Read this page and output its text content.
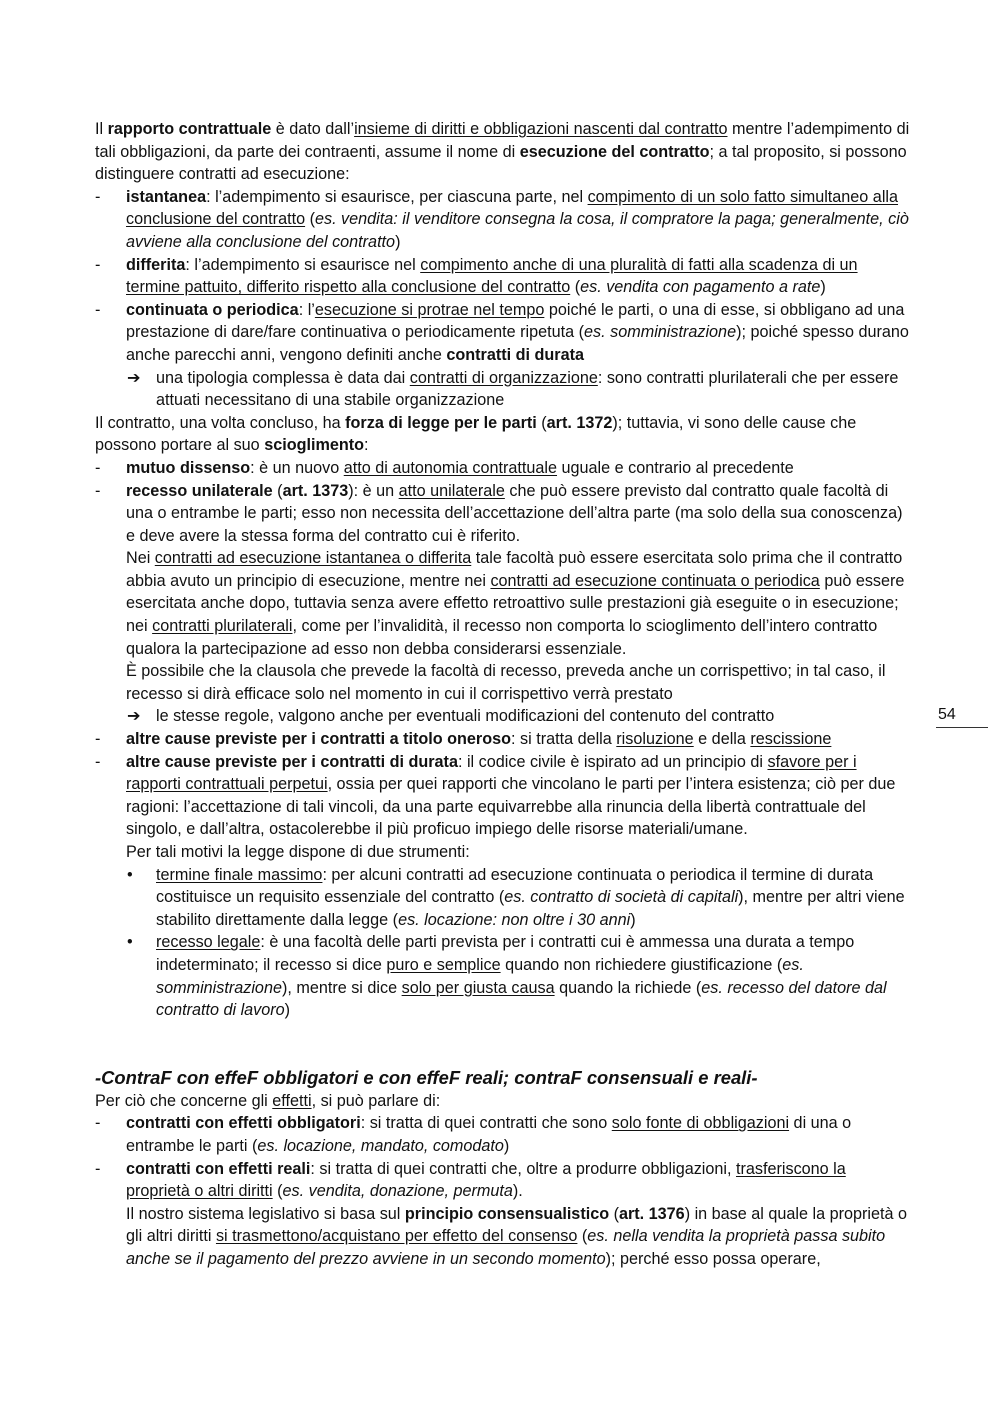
Il rapporto contrattuale è dato dall’insieme di diritti e obbligazioni nascenti dal contratto mentre l’adempimento di tali obbligazioni, da parte dei contraenti, assume il nome di esecuzione del contratto; a tal proposito, si possono distinguere contratti ad esecuzione:

-	istantanea: l’adempimento si esaurisce, per ciascuna parte, nel compimento di un solo fatto simultaneo alla conclusione del contratto (es. vendita: il venditore consegna la cosa, il compratore la paga; generalmente, ciò avviene alla conclusione del contratto)
-	differita: l’adempimento si esaurisce nel compimento anche di una pluralità di fatti alla scadenza di un termine pattuito, differito rispetto alla conclusione del contratto (es. vendita con pagamento a rate)
-	continuata o periodica: l’esecuzione si protrae nel tempo poiché le parti, o una di esse, si obbligano ad una prestazione di dare/fare continuativa o periodicamente ripetuta (es. somministrazione); poiché spesso durano anche parecchi anni, vengono definiti anche contratti di durata
➔ una tipologia complessa è data dai contratti di organizzazione: sono contratti plurilaterali che per essere attuati necessitano di una stabile organizzazione

Il contratto, una volta concluso, ha forza di legge per le parti (art. 1372); tuttavia, vi sono delle cause che possono portare al suo scioglimento:

-	mutuo dissenso: è un nuovo atto di autonomia contrattuale uguale e contrario al precedente
-	recesso unilaterale (art. 1373): è un atto unilaterale che può essere previsto dal contratto quale facoltà di una o entrambe le parti; esso non necessita dell’accettazione dell’altra parte (ma solo della sua conoscenza) e deve avere la stessa forma del contratto cui è riferito.

Nei contratti ad esecuzione istantanea o differita tale facoltà può essere esercitata solo prima che il contratto abbia avuto un principio di esecuzione, mentre nei contratti ad esecuzione continuata o periodica può essere esercitata anche dopo, tuttavia senza avere effetto retroattivo sulle prestazioni già eseguite o in esecuzione; nei contratti plurilaterali, come per l’invalidità, il recesso non comporta lo scioglimento dell’intero contratto qualora la partecipazione ad esso non debba considerarsi essenziale.

È possibile che la clausola che prevede la facoltà di recesso, preveda anche un corrispettivo; in tal caso, il recesso si dirà efficace solo nel momento in cui il corrispettivo verrà prestato

➔ le stesse regole, valgono anche per eventuali modificazioni del contenuto del contratto
-	altre cause previste per i contratti a titolo oneroso: si tratta della risoluzione e della rescissione
-	altre cause previste per i contratti di durata: il codice civile è ispirato ad un principio di sfavore per i rapporti contrattuali perpetui, ossia per quei rapporti che vincolano le parti per l’intera esistenza; ciò per due ragioni: l’accettazione di tali vincoli, da una parte equivarrebbe alla rinuncia della libertà contrattuale del singolo, e dall’altra, ostacolerebbe il più proficuo impiego delle risorse materiali/umane.

Per tali motivi la legge dispone di due strumenti:

•	termine finale massimo: per alcuni contratti ad esecuzione continuata o periodica il termine di durata costituisce un requisito essenziale del contratto (es. contratto di società di capitali), mentre per altri viene stabilito direttamente dalla legge (es. locazione: non oltre i 30 anni)
•	recesso legale: è una facoltà delle parti prevista per i contratti cui è ammessa una durata a tempo indeterminato; il recesso si dice puro e semplice quando non richiedere giustificazione (es. somministrazione), mentre si dice solo per giusta causa quando la richiede (es. recesso del datore dal contratto di lavoro)
-ContraF con effeF obbligatori e con effeF reali; contraF consensuali e reali-

Per ciò che concerne gli effetti, si può parlare di:

-	contratti con effetti obbligatori: si tratta di quei contratti che sono solo fonte di obbligazioni di una o entrambe le parti (es. locazione, mandato, comodato)
-	contratti con effetti reali: si tratta di quei contratti che, oltre a produrre obbligazioni, trasferiscono la proprietà o altri diritti (es. vendita, donazione, permuta).

Il nostro sistema legislativo si basa sul principio consensualistico (art. 1376) in base al quale la proprietà o gli altri diritti si trasmettono/acquistano per effetto del consenso (es. nella vendita la proprietà passa subito anche se il pagamento del prezzo avviene in un secondo momento); perché esso possa operare,

54
